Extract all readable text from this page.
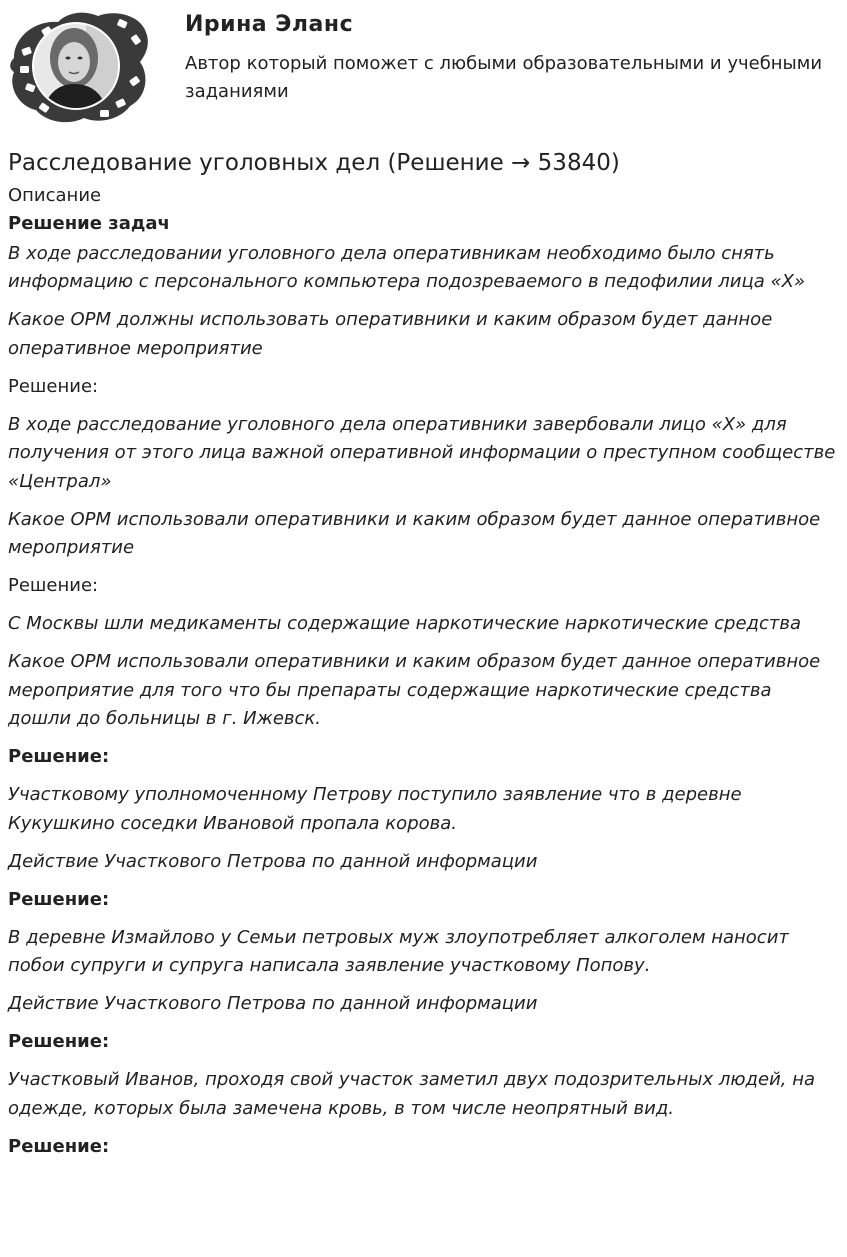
Ирина Эланс
Автор который поможет с любыми образовательными и учебными заданиями
Расследование уголовных дел (Решение → 53840)
Описание

Решение задач

В ходе расследовании уголовного дела оперативникам необходимо было снять информацию с персонального компьютера подозреваемого в педофилии лица «Х»

Какое ОРМ должны использовать оперативники и каким образом будет данное оперативное мероприятие

Решение:

В ходе расследование уголовного дела оперативники завербовали лицо «Х» для получения от этого лица важной оперативной информации о преступном сообществе «Централ»

Какое ОРМ использовали оперативники и каким образом будет данное оперативное мероприятие

Решение:

С Москвы шли медикаменты содержащие наркотические наркотические средства

Какое ОРМ использовали оперативники и каким образом будет данное оперативное мероприятие для того что бы препараты содержащие наркотические средства дошли до больницы в г. Ижевск.

Решение:

Участковому уполномоченному Петрову поступило заявление что в деревне Кукушкино соседки Ивановой пропала корова.

Действие Участкового Петрова по данной информации

Решение:

В деревне Измайлово у Семьи петровых муж злоупотребляет алкоголем наносит побои супруги и супруга написала заявление участковому Попову.

Действие Участкового Петрова по данной информации

Решение:

Участковый Иванов, проходя свой участок заметил двух подозрительных людей, на одежде, которых была замечена кровь, в том числе неопрятный вид.

Решение:
